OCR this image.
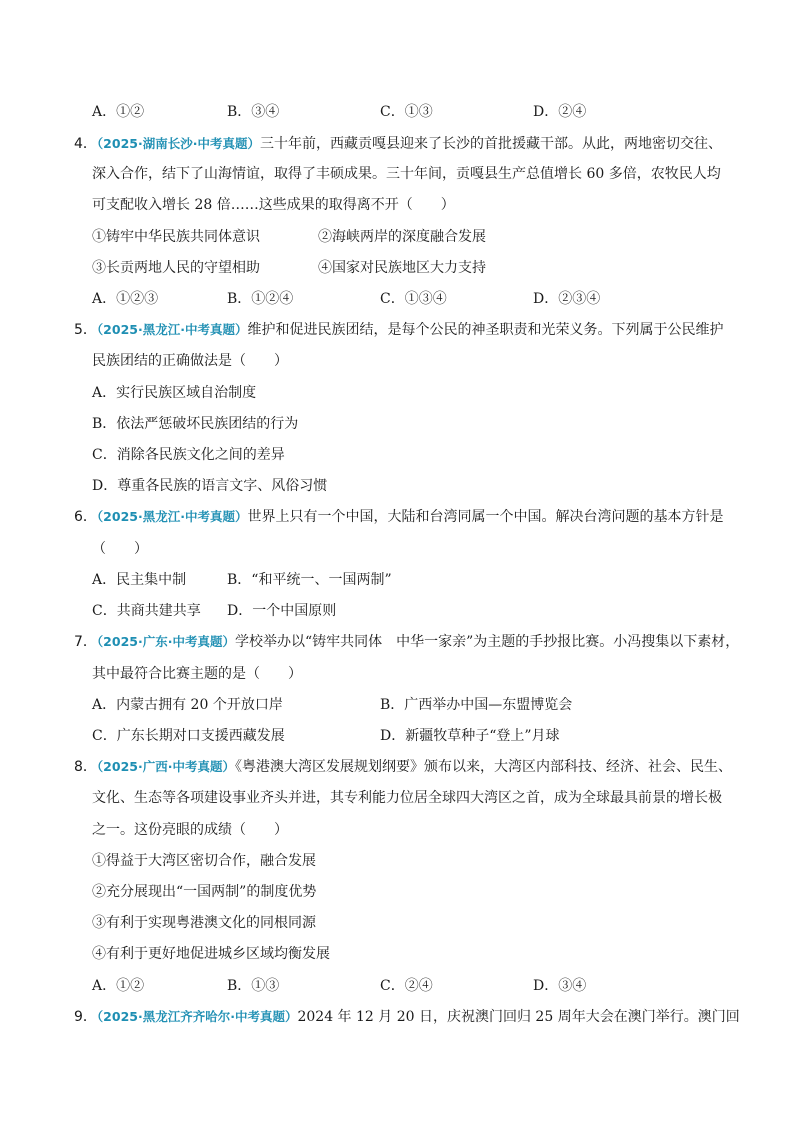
A．①②	B．③④	C．①③	D．②④
4．（2025·湖南长沙·中考真题）三十年前，西藏贡嘎县迎来了长沙的首批援藏干部。从此，两地密切交往、
深入合作，结下了山海情谊，取得了丰硕成果。三十年间，贡嘎县生产总值增长 60 多倍，农牧民人均
可支配收入增长 28 倍……这些成果的取得离不开（　　）
①铸牢中华民族共同体意识	②海峡两岸的深度融合发展
③长贡两地人民的守望相助	④国家对民族地区大力支持
A．①②③	B．①②④	C．①③④	D．②③④
5．（2025·黑龙江·中考真题）维护和促进民族团结，是每个公民的神圣职责和光荣义务。下列属于公民维护
民族团结的正确做法是（　　）
A．实行民族区域自治制度
B．依法严惩破坏民族团结的行为
C．消除各民族文化之间的差异
D．尊重各民族的语言文字、风俗习惯
6．（2025·黑龙江·中考真题）世界上只有一个中国，大陆和台湾同属一个中国。解决台湾问题的基本方针是
（　　）
A．民主集中制	B．“和平统一、一国两制”
C．共商共建共享 D．一个中国原则
7．（2025·广东·中考真题）学校举办以“铸牢共同体　中华一家亲”为主题的手抄报比赛。小冯搜集以下素材，
其中最符合比赛主题的是（　　）
A．内蒙古拥有 20 个开放口岸	B．广西举办中国—东盟博览会
C．广东长期对口支援西藏发展	D．新疆牧草种子“登上”月球
8．（2025·广西·中考真题）《粤港澳大湾区发展规划纲要》颁布以来，大湾区内部科技、经济、社会、民生、
文化、生态等各项建设事业齐头并进，其专利能力位居全球四大湾区之首，成为全球最具前景的增长极
之一。这份亮眼的成绩（　　）
①得益于大湾区密切合作，融合发展
②充分展现出“一国两制”的制度优势
③有利于实现粤港澳文化的同根同源
④有利于更好地促进城乡区域均衡发展
A．①②	B．①③	C．②④	D．③④
9．（2025·黑龙江齐齐哈尔·中考真题）2024 年 12 月 20 日，庆祝澳门回归 25 周年大会在澳门举行。澳门回
